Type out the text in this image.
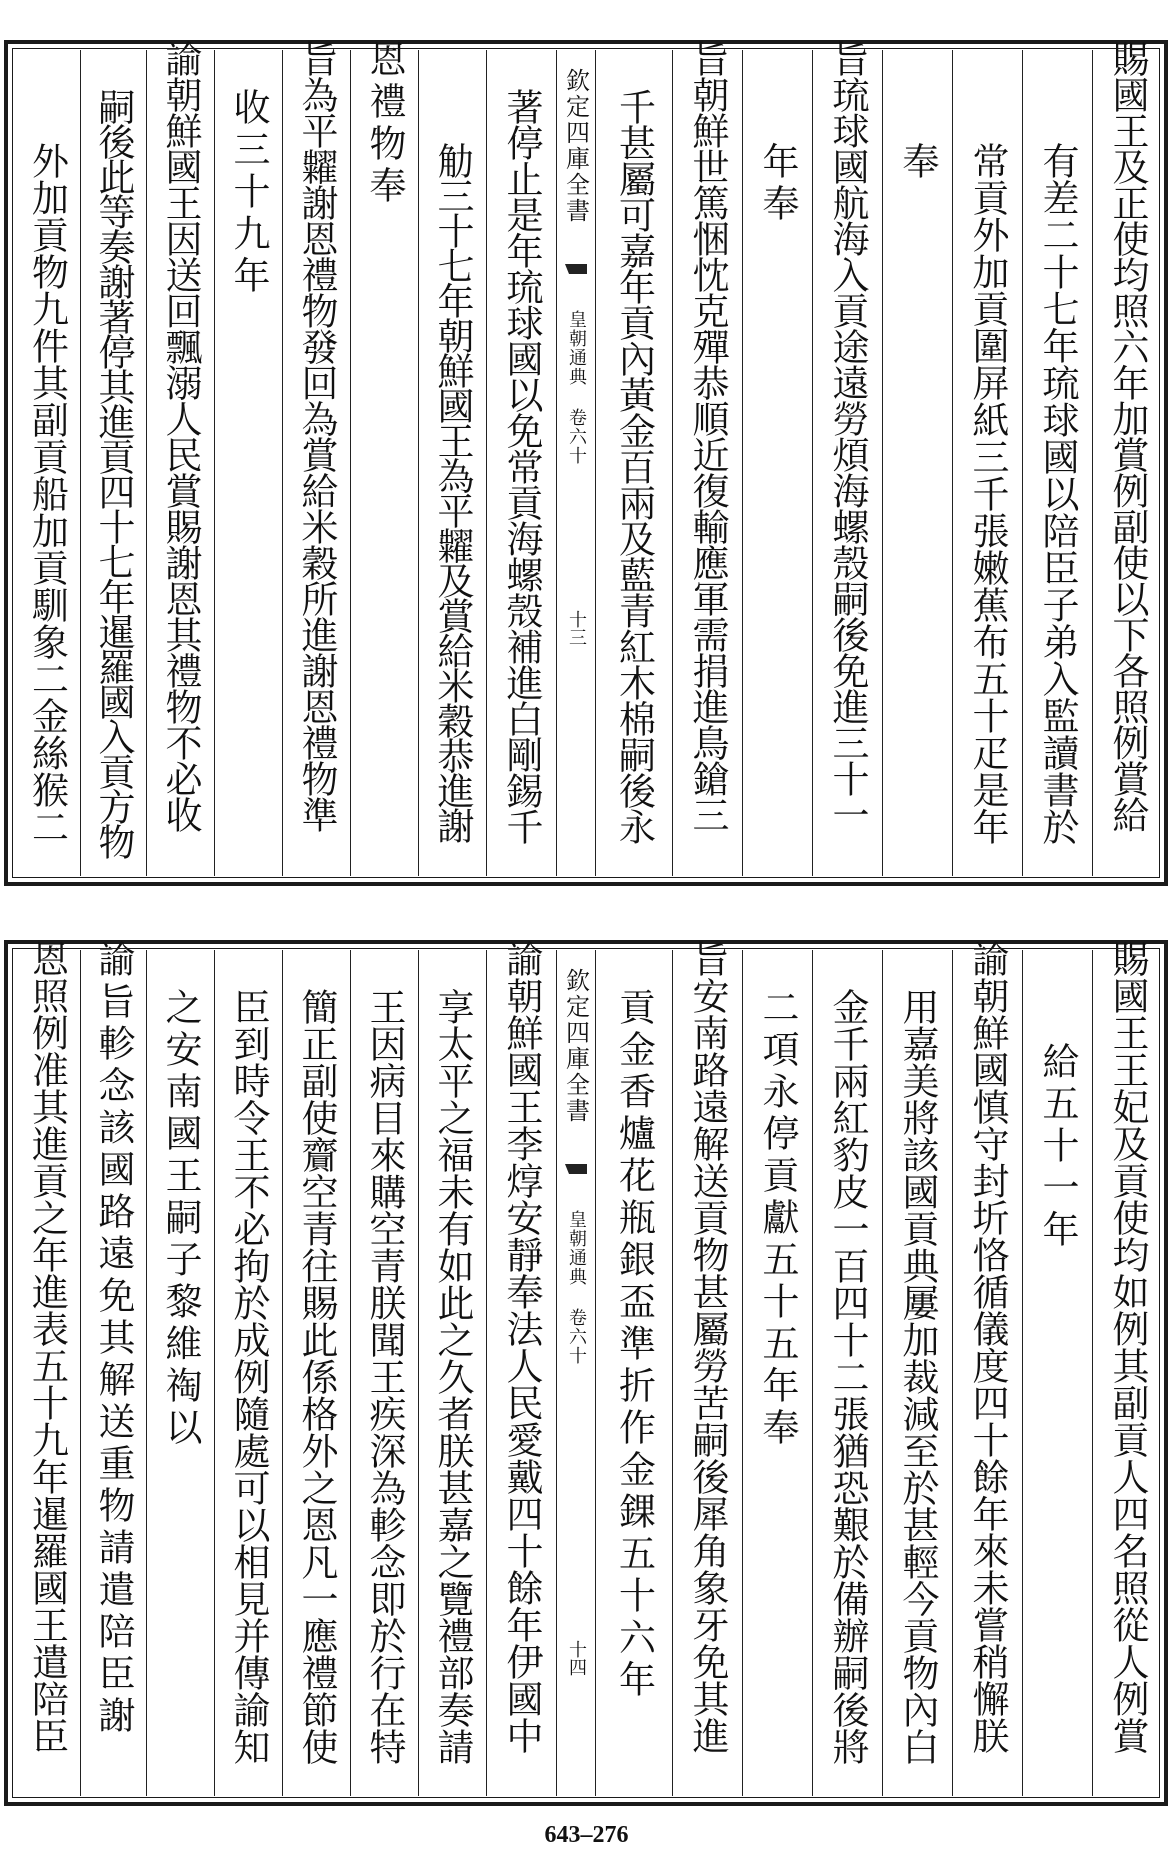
賜國王及正使均照六年加賞例副使以下各照例賞給
有差二十七年琉球國以陪臣子弟入監讀書於
常貢外加貢圍屏紙三千張嫩蕉布五十疋是年
奉
旨琉球國航海入貢途遠勞煩海螺殼嗣後免進三十一
年奉
旨朝鮮世篤悃忱克殫恭順近復輸應軍需捐進鳥鎗三
千甚屬可嘉年貢內黃金百兩及藍青紅木棉嗣後永
欽定四庫全書
皇朝通典 卷六十
十三
著停止是年琉球國以免常貢海螺殼補進白剛錫千
觔三十七年朝鮮國王為平糶及賞給米穀恭進謝
恩禮物奉
旨為平糶謝恩禮物發回為賞給米穀所進謝恩禮物準
收三十九年
諭朝鮮國王因送回飄溺人民賞賜謝恩其禮物不必收
嗣後此等奏謝著停其進貢四十七年暹羅國入貢方物
外加貢物九件其副貢船加貢馴象二金絲猴二
賜國王王妃及貢使均如例其副貢人四名照從人例賞
給五十一年
諭朝鮮國慎守封圻恪循儀度四十餘年來未嘗稍懈朕
用嘉美將該國貢典屢加裁減至於甚輕今貢物內白
金千兩紅豹皮一百四十二張猶恐艱於備辦嗣後將
二項永停貢獻五十五年奉
旨安南路遠解送貢物甚屬勞苦嗣後犀角象牙免其進
貢金香爐花瓶銀盃準折作金錁五十六年
欽定四庫全書
皇朝通典 卷六十
十四
諭朝鮮國王李焞安靜奉法人民愛戴四十餘年伊國中
享太平之福未有如此之久者朕甚嘉之覽禮部奏請
王因病目來購空青朕聞王疾深為軫念即於行在特
簡正副使齎空青往賜此係格外之恩凡一應禮節使
臣到時令王不必拘於成例隨處可以相見并傳諭知
之安南國王嗣子黎維祹以
諭旨軫念該國路遠免其解送重物請遣陪臣謝
恩照例准其進貢之年進表五十九年暹羅國王遣陪臣
643–276
